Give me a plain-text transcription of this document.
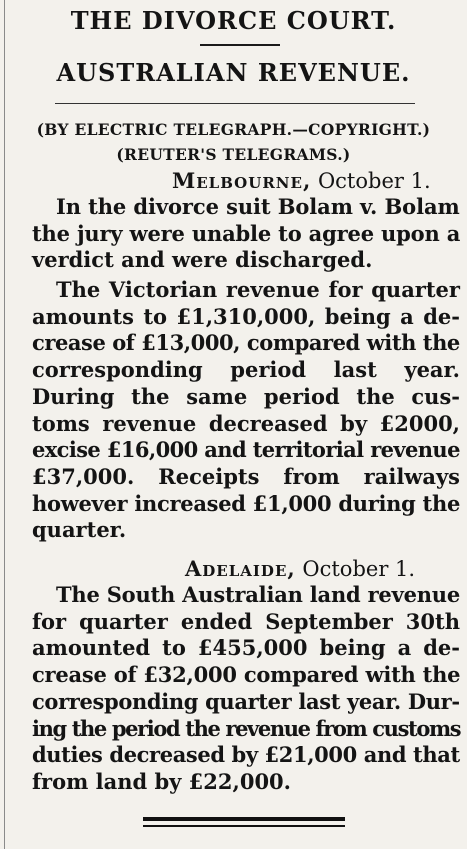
THE DIVORCE COURT.
AUSTRALIAN REVENUE.
(BY ELECTRIC TELEGRAPH.—COPYRIGHT.)
(REUTER'S TELEGRAMS.)
Melbourne, October 1.
In the divorce suit Bolam v. Bolam
the jury were unable to agree upon a
verdict and were discharged.
The Victorian revenue for quarter
amounts to £1,310,000, being a de-
crease of £13,000, compared with the
corresponding period last year.
During the same period the cus-
toms revenue decreased by £2000,
excise £16,000 and territorial revenue
£37,000. Receipts from railways
however increased £1,000 during the
quarter.
Adelaide, October 1.
The South Australian land revenue
for quarter ended September 30th
amounted to £455,000 being a de-
crease of £32,000 compared with the
corresponding quarter last year. Dur-
ing the period the revenue from customs
duties decreased by £21,000 and that
from land by £22,000.
